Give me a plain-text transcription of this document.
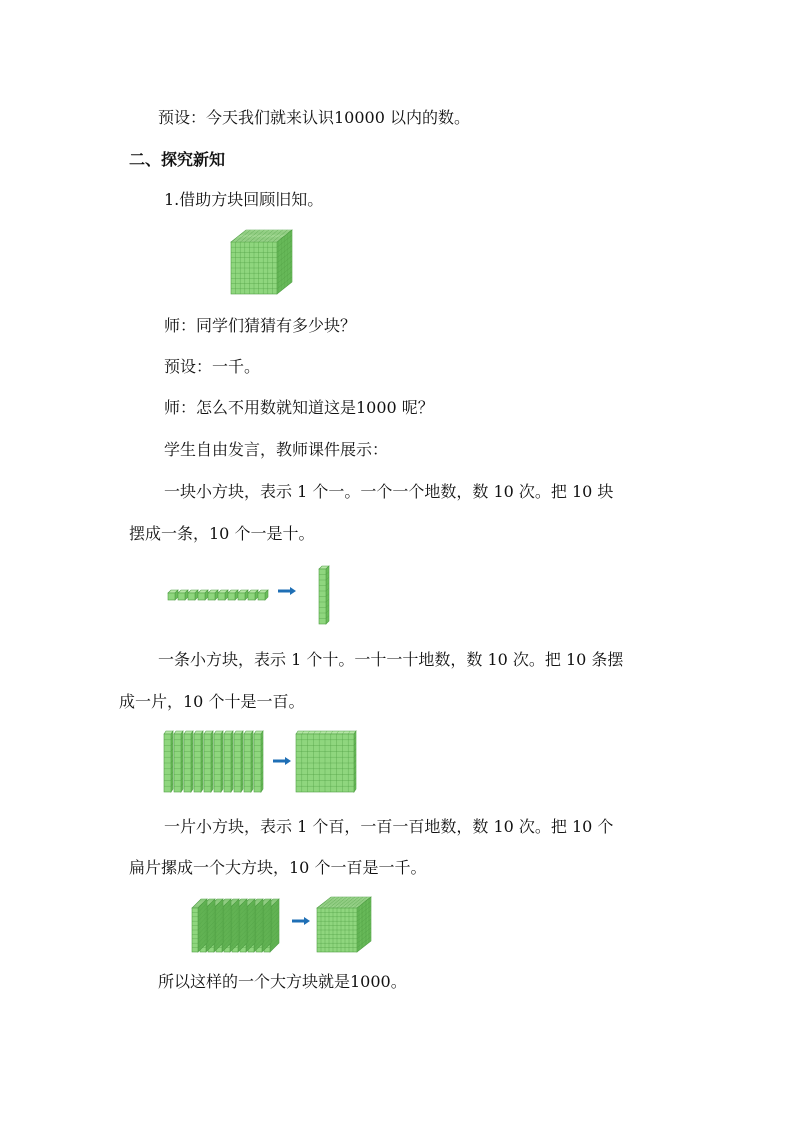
预设：今天我们就来认识10000 以内的数。
二、探究新知
1.借助方块回顾旧知。
师：同学们猜猜有多少块？
预设：一千。
师：怎么不用数就知道这是1000 呢？
学生自由发言，教师课件展示：
一块小方块，表示 1 个一。一个一个地数，数 10 次。把 10 块
摆成一条，10 个一是十。
一条小方块，表示 1 个十。一十一十地数，数 10 次。把 10 条摆
成一片，10 个十是一百。
一片小方块，表示 1 个百，一百一百地数，数 10 次。把 10 个
扁片摞成一个大方块，10 个一百是一千。
所以这样的一个大方块就是1000。
